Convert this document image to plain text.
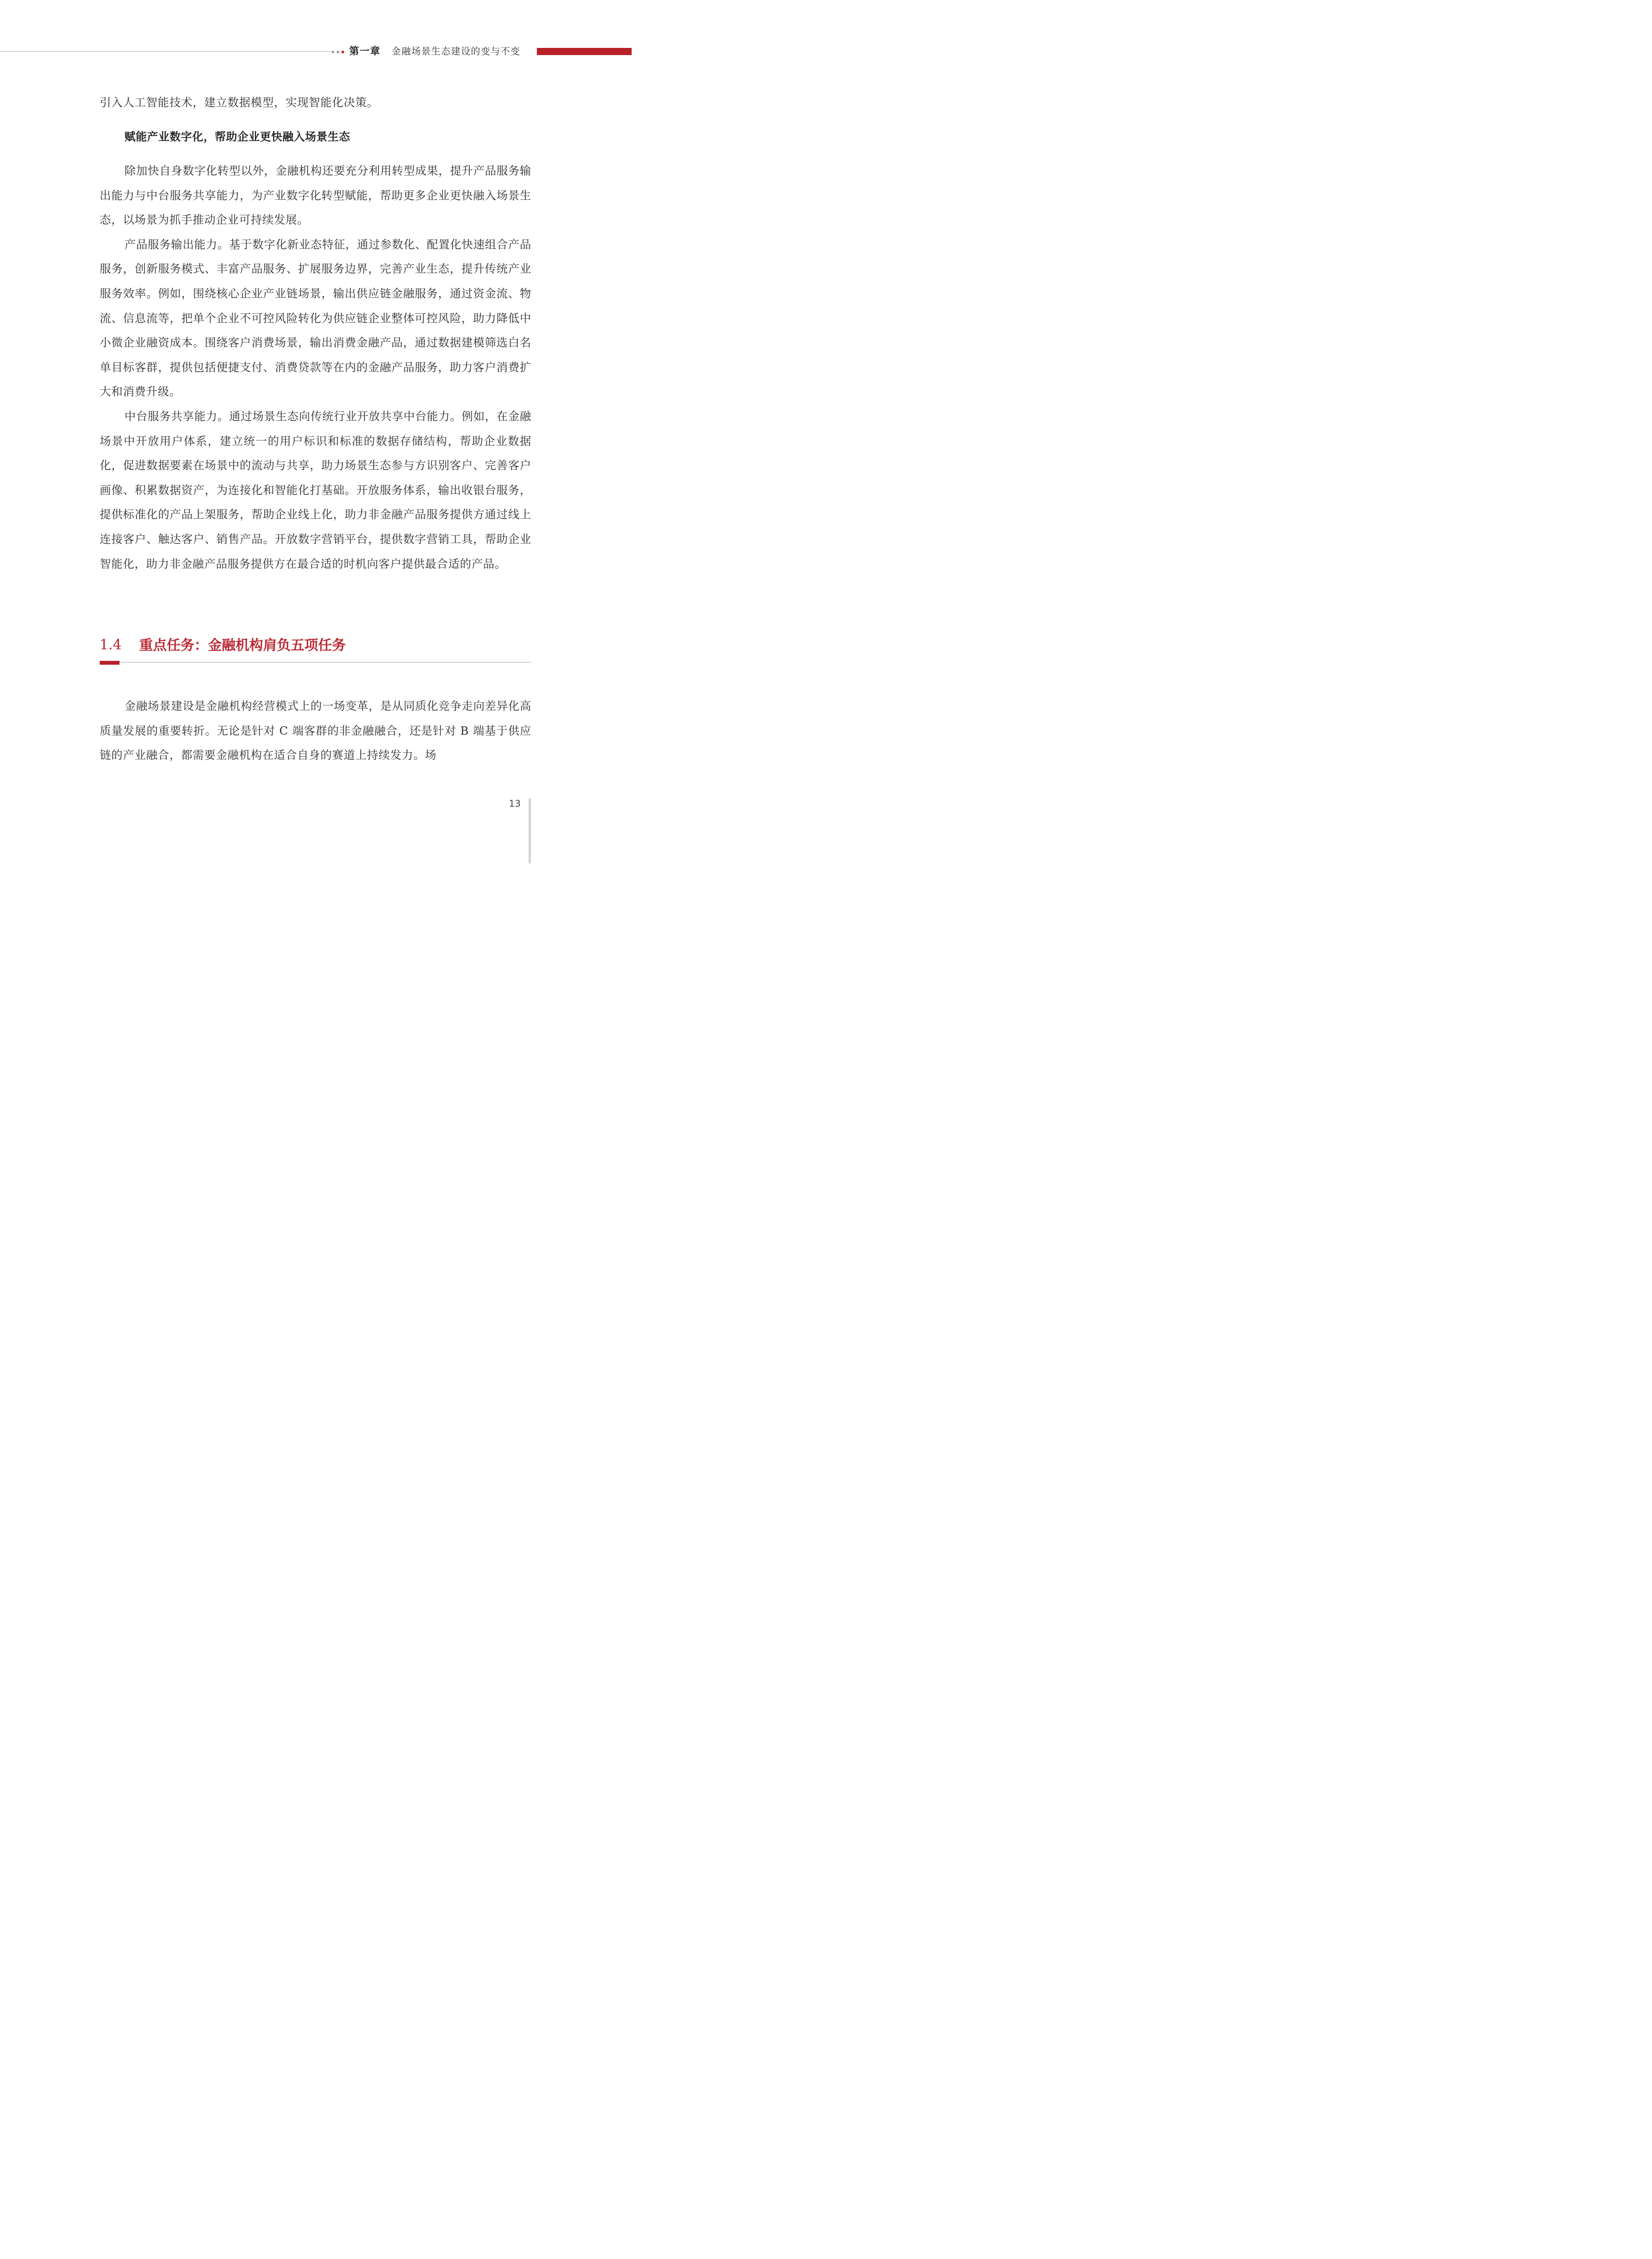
第一章 金融场景生态建设的变与不变

引入人工智能技术，建立数据模型，实现智能化决策。

赋能产业数字化，帮助企业更快融入场景生态

除加快自身数字化转型以外，金融机构还要充分利用转型成果，提升产品服务输出能力与中台服务共享能力，为产业数字化转型赋能，帮助更多企业更快融入场景生态，以场景为抓手推动企业可持续发展。

产品服务输出能力。基于数字化新业态特征，通过参数化、配置化快速组合产品服务，创新服务模式、丰富产品服务、扩展服务边界，完善产业生态，提升传统产业服务效率。例如，围绕核心企业产业链场景，输出供应链金融服务，通过资金流、物流、信息流等，把单个企业不可控风险转化为供应链企业整体可控风险，助力降低中小微企业融资成本。围绕客户消费场景，输出消费金融产品，通过数据建模筛选白名单目标客群，提供包括便捷支付、消费贷款等在内的金融产品服务，助力客户消费扩大和消费升级。

中台服务共享能力。通过场景生态向传统行业开放共享中台能力。例如，在金融场景中开放用户体系，建立统一的用户标识和标准的数据存储结构，帮助企业数据化，促进数据要素在场景中的流动与共享，助力场景生态参与方识别客户、完善客户画像、积累数据资产，为连接化和智能化打基础。开放服务体系，输出收银台服务，提供标准化的产品上架服务，帮助企业线上化，助力非金融产品服务提供方通过线上连接客户、触达客户、销售产品。开放数字营销平台，提供数字营销工具，帮助企业智能化，助力非金融产品服务提供方在最合适的时机向客户提供最合适的产品。

1.4 重点任务：金融机构肩负五项任务

金融场景建设是金融机构经营模式上的一场变革，是从同质化竞争走向差异化高质量发展的重要转折。无论是针对 C 端客群的非金融融合，还是针对 B 端基于供应链的产业融合，都需要金融机构在适合自身的赛道上持续发力。场

13
